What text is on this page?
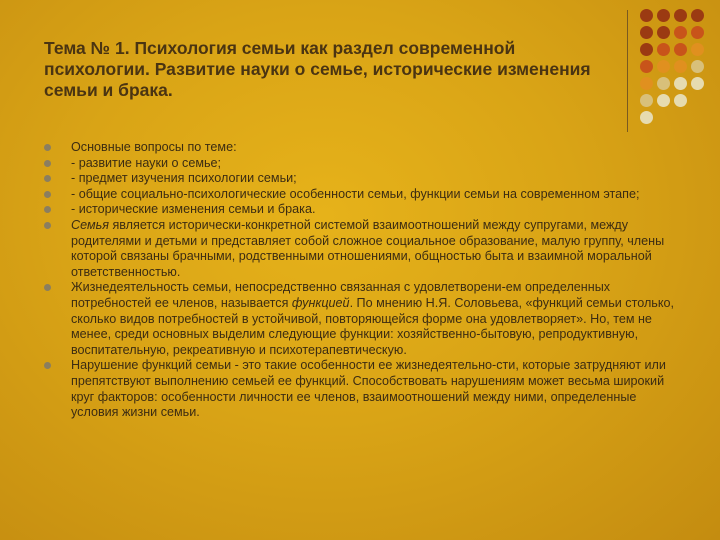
Тема № 1. Психология семьи как раздел современной психологии. Развитие науки о семье, исторические изменения семьи и брака.
Основные вопросы по теме:
- развитие науки о семье;
- предмет изучения психологии семьи;
- общие социально-психологические особенности семьи, функции семьи на современном этапе;
- исторические изменения семьи и брака.
Семья является исторически-конкретной системой взаимоотношений между супругами, между родителями и детьми и представляет собой сложное социальное образование, малую группу, члены которой связаны брачными, родственными отношениями, общностью быта и взаимной моральной ответственностью.
Жизнедеятельность семьи, непосредственно связанная с удовлетворени-ем определенных потребностей ее членов, называется функцией. По мнению Н.Я. Соловьева, «функций семьи столько, сколько видов потребностей в устойчивой, повторяющейся форме она удовлетворяет». Но, тем не менее, среди основных выделим следующие функции: хозяйственно-бытовую, репродуктивную, воспитательную, рекреативную и психотерапевтическую.
Нарушение функций семьи - это такие особенности ее жизнедеятельно-сти, которые затрудняют или препятствуют выполнению семьей ее функций. Способствовать нарушениям может весьма широкий круг факторов: особенности личности ее членов, взаимоотношений между ними, определенные условия жизни семьи.
